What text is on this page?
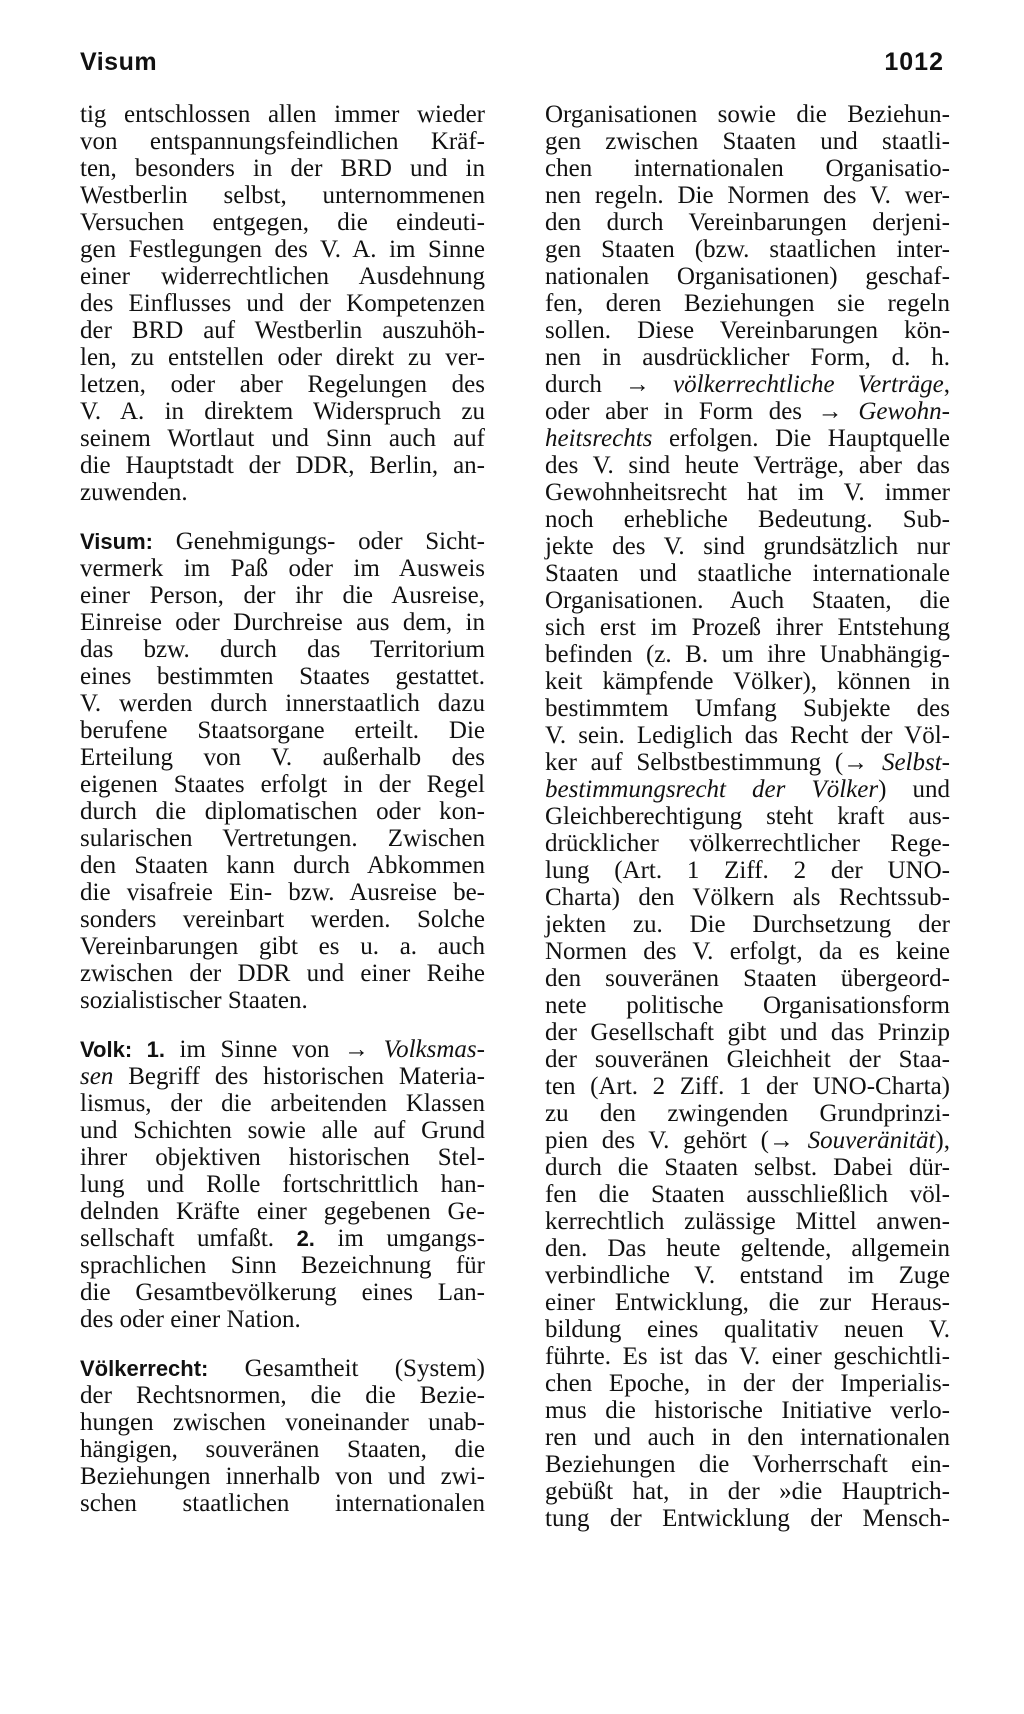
Visum	1012
tig entschlossen allen immer wieder
von entspannungsfeindlichen Kräf-
ten, besonders in der BRD und in
Westberlin selbst, unternommenen
Versuchen entgegen, die eindeuti-
gen Festlegungen des V. A. im Sinne
einer widerrechtlichen Ausdehnung
des Einflusses und der Kompetenzen
der BRD auf Westberlin auszuhöh-
len, zu entstellen oder direkt zu ver-
letzen, oder aber Regelungen des
V. A. in direktem Widerspruch zu
seinem Wortlaut und Sinn auch auf
die Hauptstadt der DDR, Berlin, an-
zuwenden.
Visum: Genehmigungs- oder Sicht-
vermerk im Paß oder im Ausweis
einer Person, der ihr die Ausreise,
Einreise oder Durchreise aus dem, in
das bzw. durch das Territorium
eines bestimmten Staates gestattet.
V. werden durch innerstaatlich dazu
berufene Staatsorgane erteilt. Die
Erteilung von V. außerhalb des
eigenen Staates erfolgt in der Regel
durch die diplomatischen oder kon-
sularischen Vertretungen. Zwischen
den Staaten kann durch Abkommen
die visafreie Ein- bzw. Ausreise be-
sonders vereinbart werden. Solche
Vereinbarungen gibt es u. a. auch
zwischen der DDR und einer Reihe
sozialistischer Staaten.
Volk: 1. im Sinne von → Volksmas-
sen Begriff des historischen Materia-
lismus, der die arbeitenden Klassen
und Schichten sowie alle auf Grund
ihrer objektiven historischen Stel-
lung und Rolle fortschrittlich han-
delnden Kräfte einer gegebenen Ge-
sellschaft umfaßt. 2. im umgangs-
sprachlichen Sinn Bezeichnung für
die Gesamtbevölkerung eines Lan-
des oder einer Nation.
Völkerrecht: Gesamtheit (System)
der Rechtsnormen, die die Bezie-
hungen zwischen voneinander unab-
hängigen, souveränen Staaten, die
Beziehungen innerhalb von und zwi-
schen staatlichen internationalen
Organisationen sowie die Beziehun-
gen zwischen Staaten und staatli-
chen internationalen Organisatio-
nen regeln. Die Normen des V. wer-
den durch Vereinbarungen derjeni-
gen Staaten (bzw. staatlichen inter-
nationalen Organisationen) geschaf-
fen, deren Beziehungen sie regeln
sollen. Diese Vereinbarungen kön-
nen in ausdrücklicher Form, d. h.
durch → völkerrechtliche Verträge,
oder aber in Form des → Gewohn-
heitsrechts erfolgen. Die Hauptquelle
des V. sind heute Verträge, aber das
Gewohnheitsrecht hat im V. immer
noch erhebliche Bedeutung. Sub-
jekte des V. sind grundsätzlich nur
Staaten und staatliche internationale
Organisationen. Auch Staaten, die
sich erst im Prozeß ihrer Entstehung
befinden (z. B. um ihre Unabhängig-
keit kämpfende Völker), können in
bestimmtem Umfang Subjekte des
V. sein. Lediglich das Recht der Völ-
ker auf Selbstbestimmung (→ Selbst-
bestimmungsrecht der Völker) und
Gleichberechtigung steht kraft aus-
drücklicher völkerrechtlicher Rege-
lung (Art. 1 Ziff. 2 der UNO-
Charta) den Völkern als Rechtssub-
jekten zu. Die Durchsetzung der
Normen des V. erfolgt, da es keine
den souveränen Staaten übergeord-
nete politische Organisationsform
der Gesellschaft gibt und das Prinzip
der souveränen Gleichheit der Staa-
ten (Art. 2 Ziff. 1 der UNO-Charta)
zu den zwingenden Grundprinzi-
pien des V. gehört (→ Souveränität),
durch die Staaten selbst. Dabei dür-
fen die Staaten ausschließlich völ-
kerrechtlich zulässige Mittel anwen-
den. Das heute geltende, allgemein
verbindliche V. entstand im Zuge
einer Entwicklung, die zur Heraus-
bildung eines qualitativ neuen V.
führte. Es ist das V. einer geschichtli-
chen Epoche, in der der Imperialis-
mus die historische Initiative verlo-
ren und auch in den internationalen
Beziehungen die Vorherrschaft ein-
gebüßt hat, in der »die Hauptrich-
tung der Entwicklung der Mensch-
